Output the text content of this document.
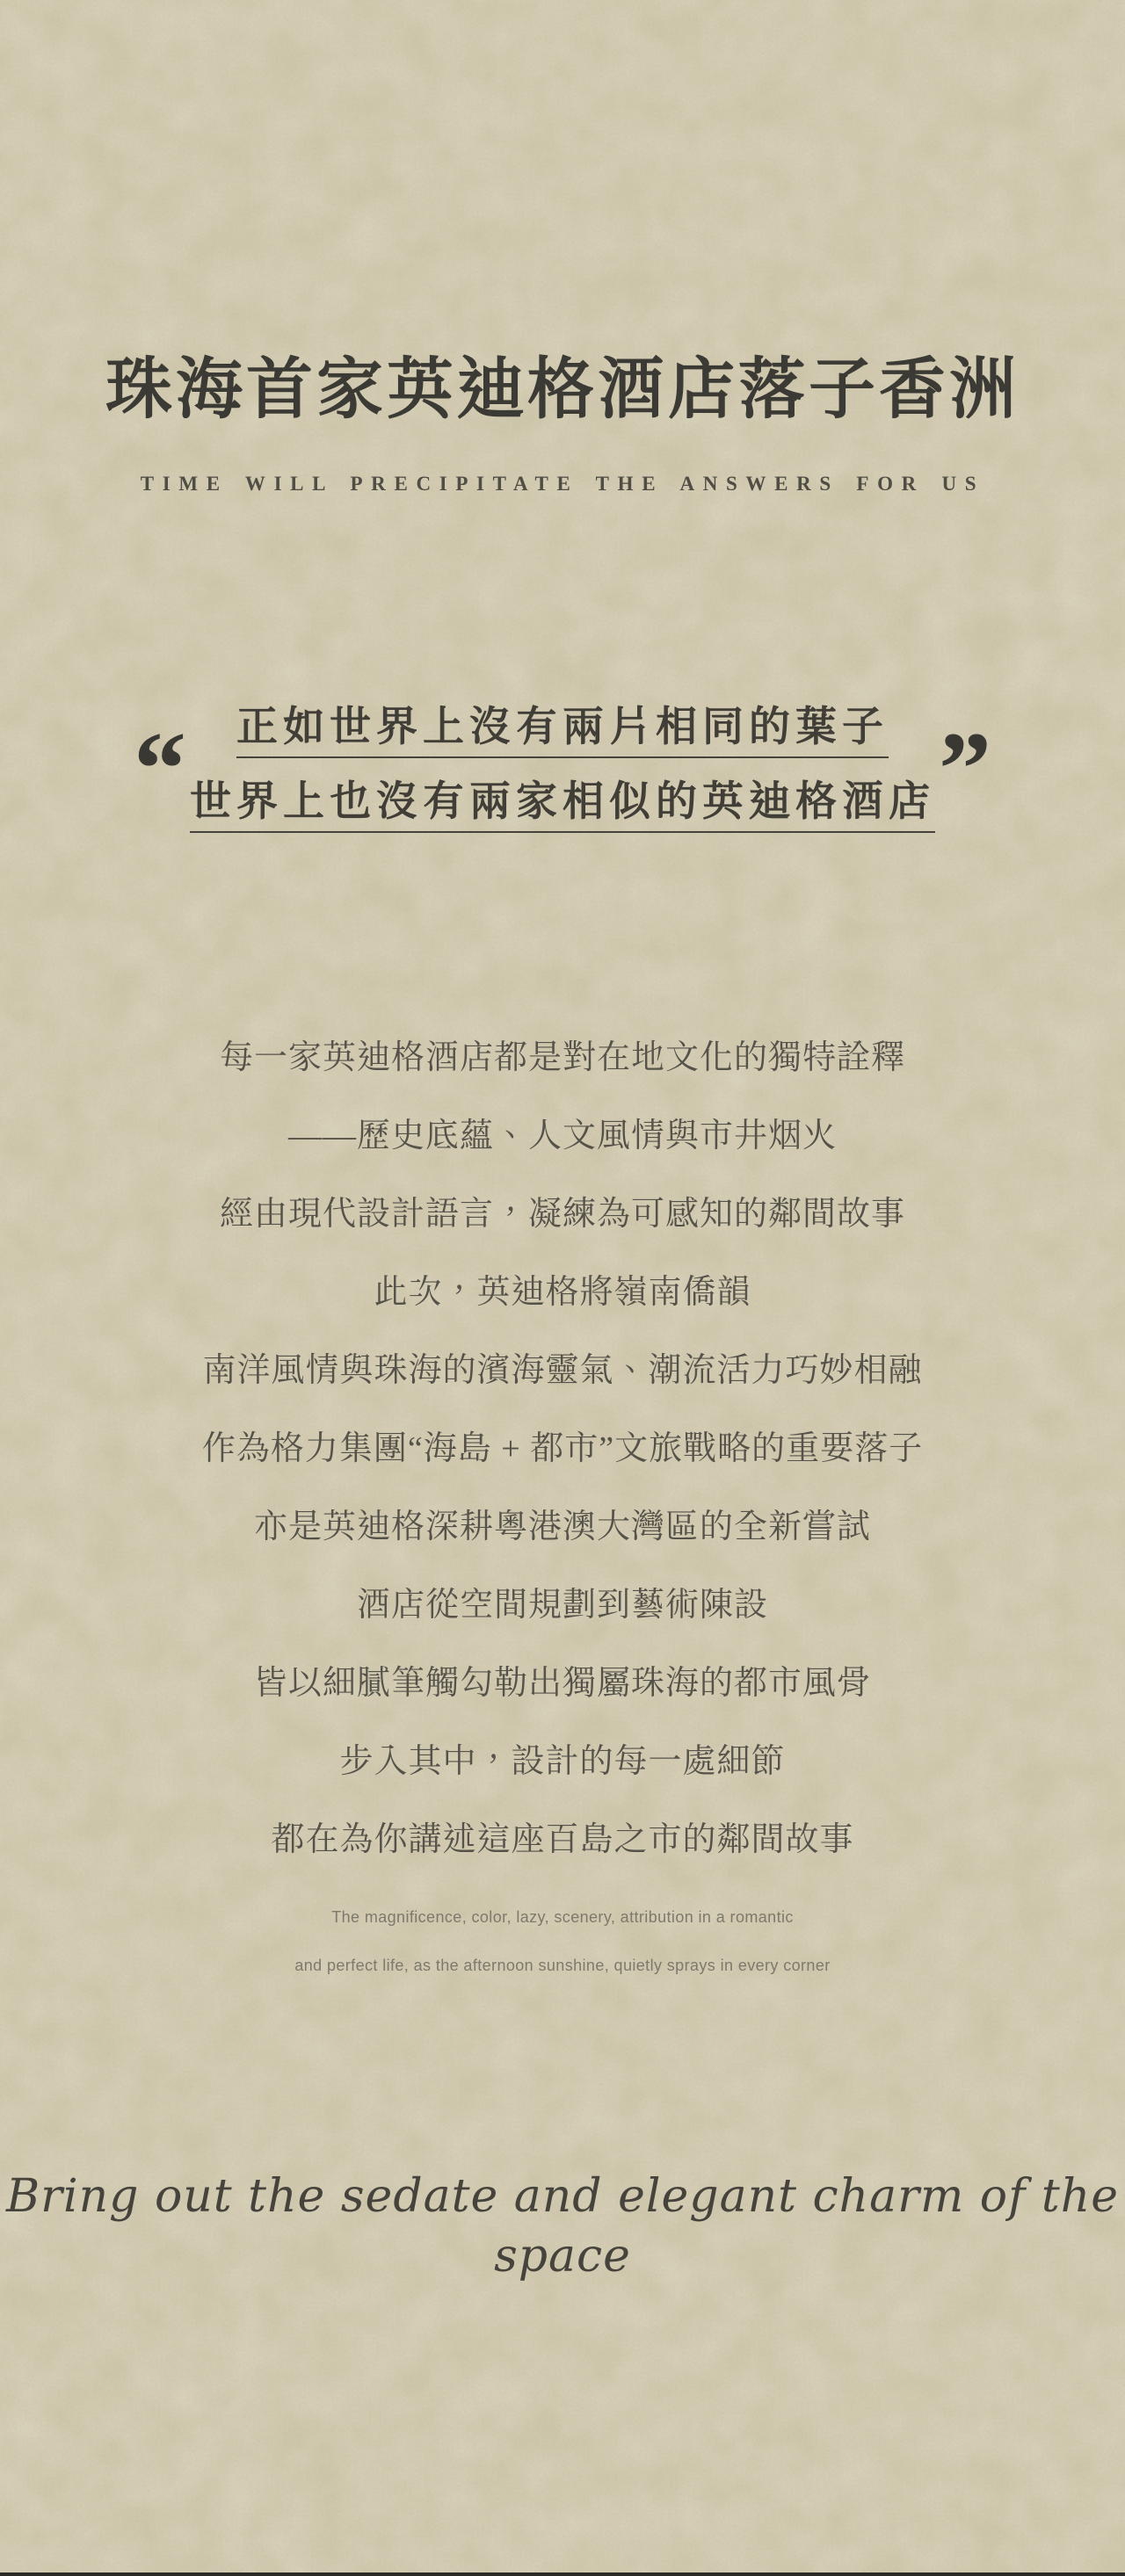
珠海首家英迪格酒店落子香洲
TIME WILL PRECIPITATE THE ANSWERS FOR US
“	正如世界上沒有兩片相同的葉子
世界上也沒有兩家相似的英迪格酒店 ”
每一家英迪格酒店都是對在地文化的獨特詮釋
——歷史底蘊、人文風情與市井烟火
經由現代設計語言，凝練為可感知的鄰間故事
此次，英迪格將嶺南僑韻
南洋風情與珠海的濱海靈氣、潮流活力巧妙相融
作為格力集團“海島 + 都市”文旅戰略的重要落子
亦是英迪格深耕粵港澳大灣區的全新嘗試
酒店從空間規劃到藝術陳設
皆以細膩筆觸勾勒出獨屬珠海的都市風骨
步入其中，設計的每一處細節
都在為你講述這座百島之市的鄰間故事
The magnificence, color, lazy, scenery, attribution in a romantic
and perfect life, as the afternoon sunshine, quietly sprays in every corner
Bring out the sedate and elegant charm of the space
